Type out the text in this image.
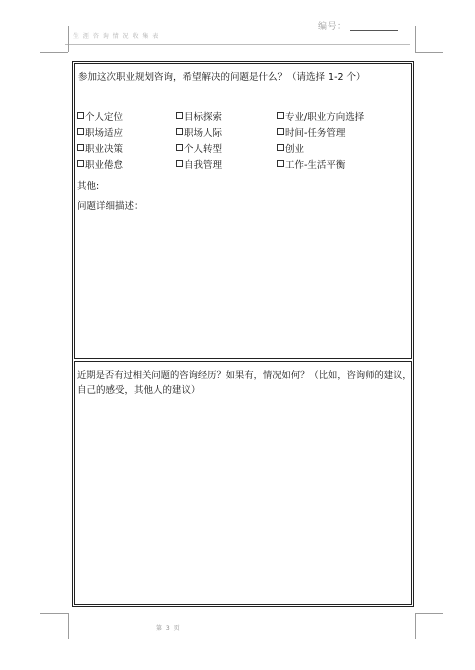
编号：
生 涯 咨 询 情 况 收 集 表
参加这次职业规划咨询，希望解决的问题是什么？（请选择 1-2 个）
个人定位	目标探索	专业/职业方向选择
职场适应	职场人际	时间-任务管理
职业决策	个人转型	创业
职业倦怠	自我管理	工作-生活平衡
其他:
问题详细描述：
近期是否有过相关问题的咨询经历？如果有，情况如何？（比如，咨询师的建议，
自己的感受，其他人的建议）
第 3 页
